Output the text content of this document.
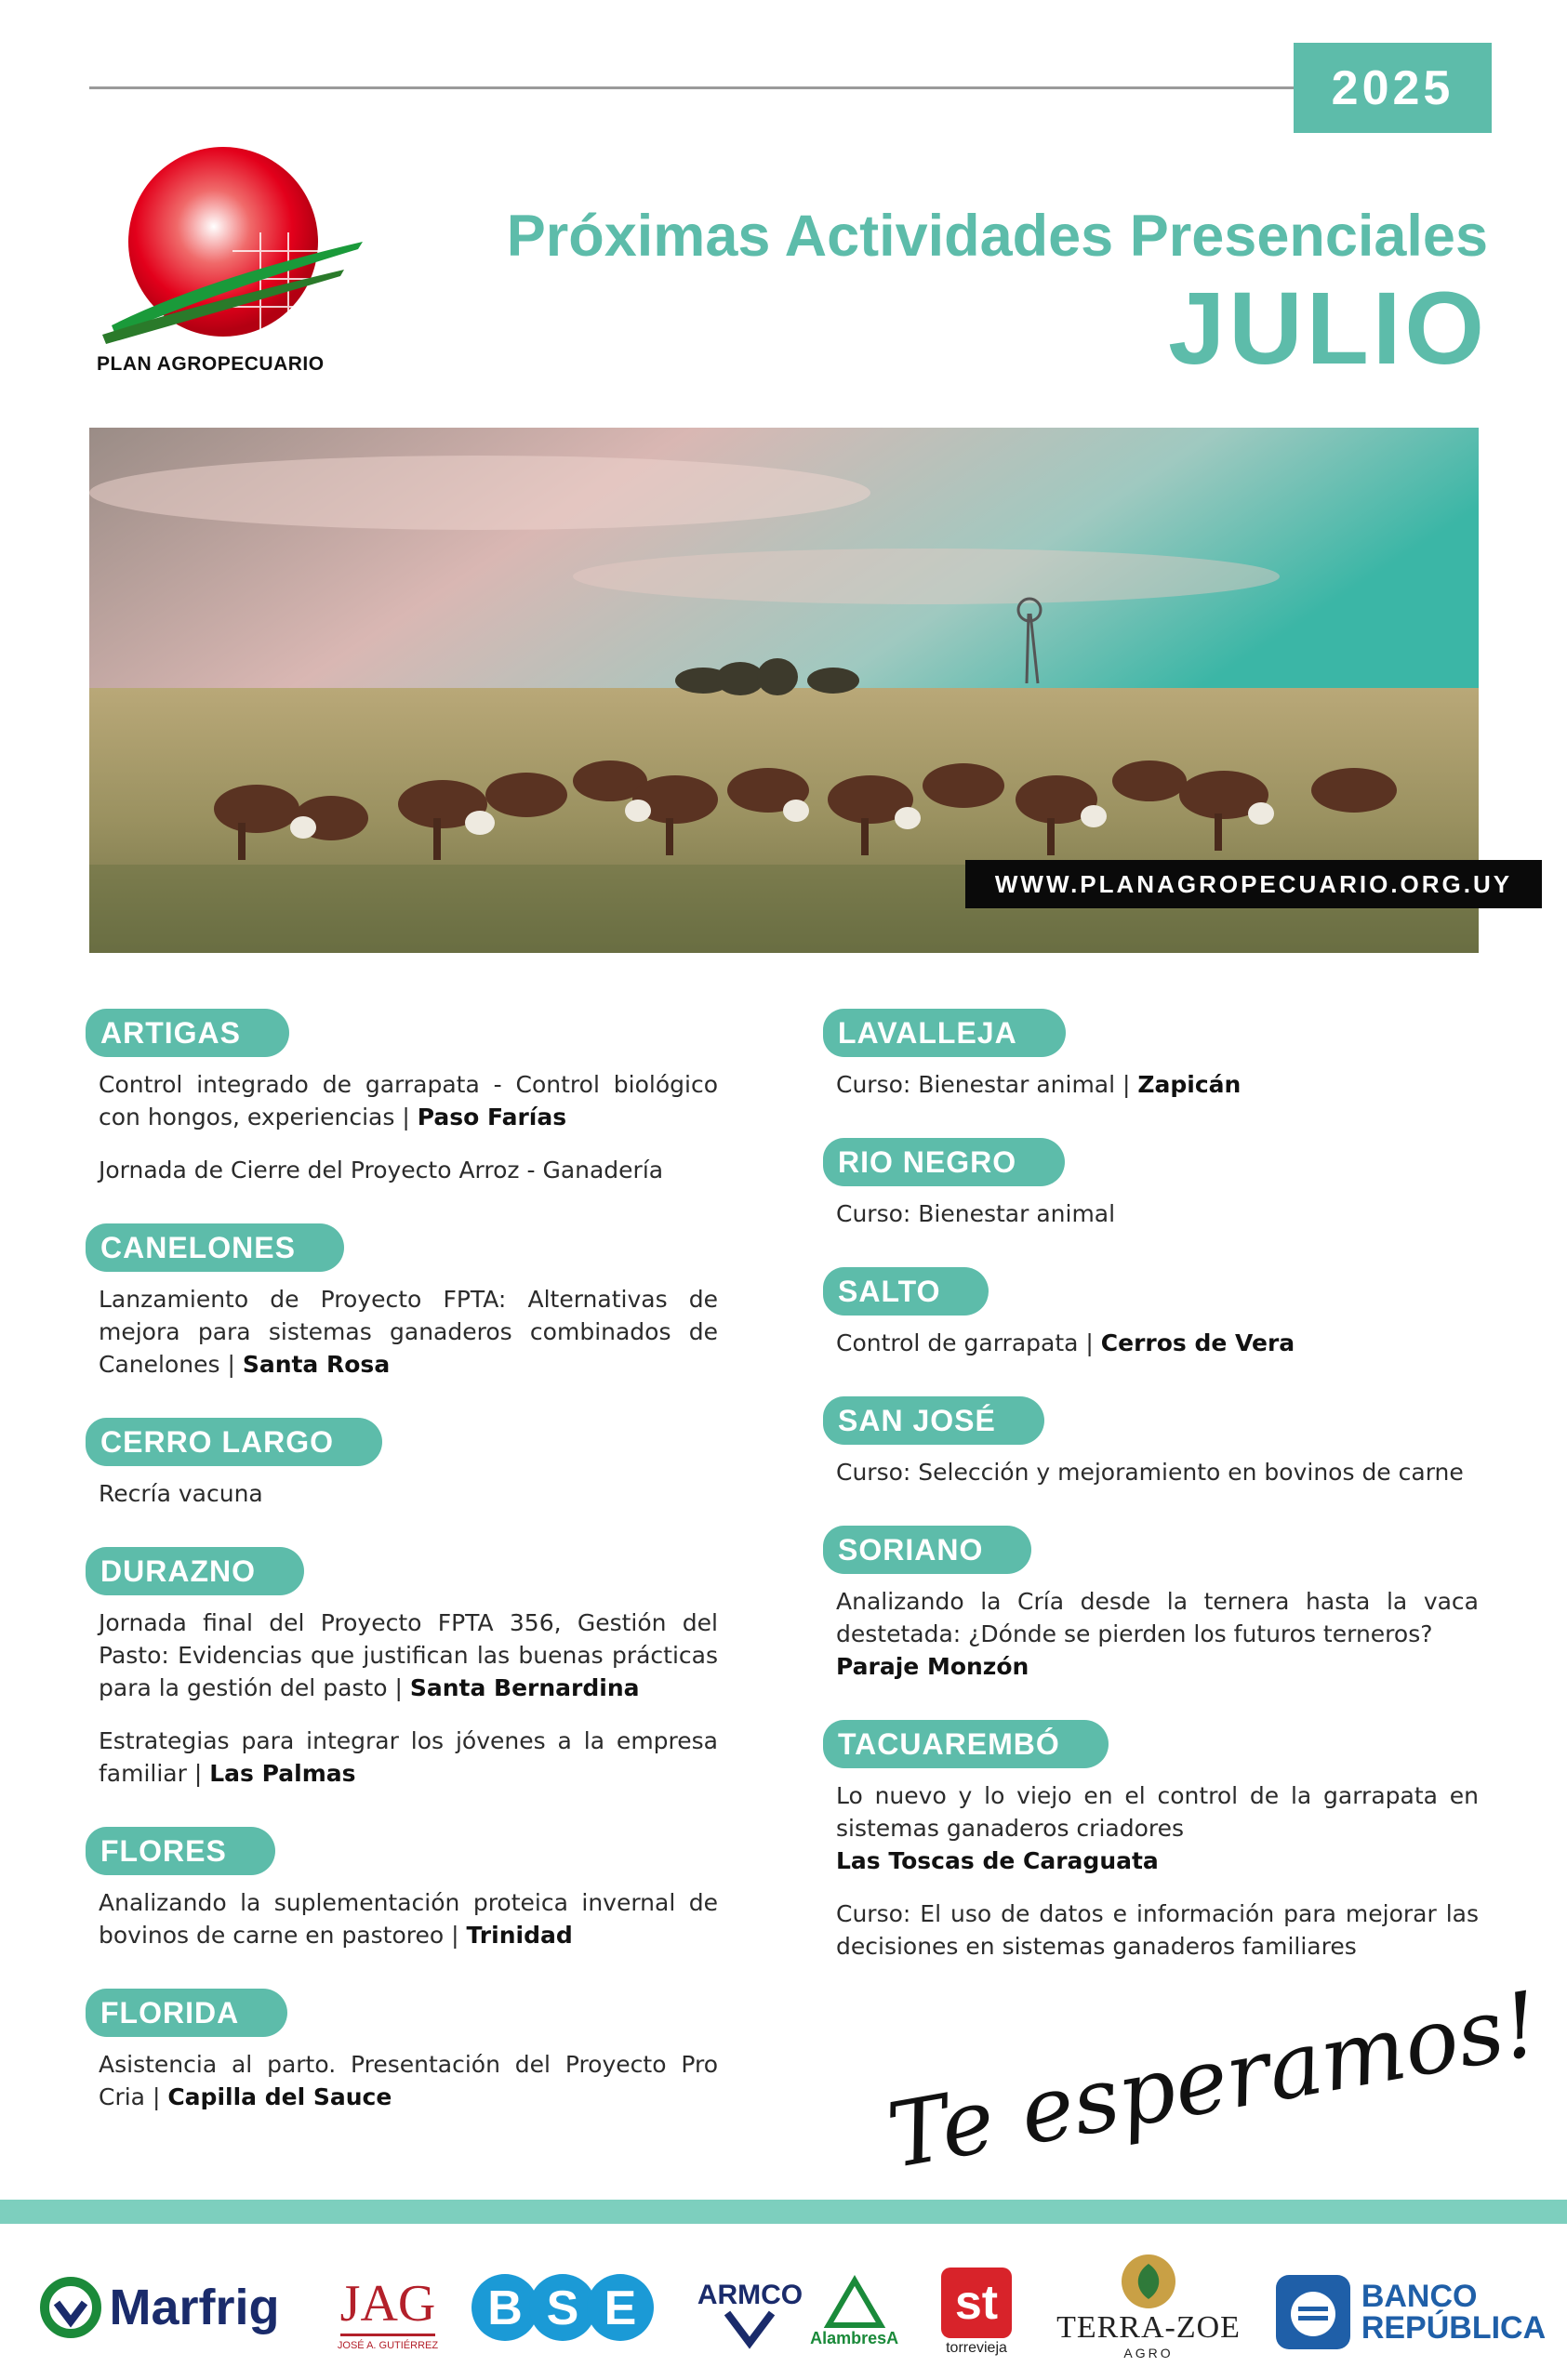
2025
PLAN AGROPECUARIO
Próximas Actividades Presenciales
JULIO
WWW.PLANAGROPECUARIO.ORG.UY
ARTIGAS
Control integrado de garrapata - Control biológico con hongos, experiencias | Paso Farías
Jornada de Cierre del Proyecto Arroz - Ganadería
CANELONES
Lanzamiento de Proyecto FPTA: Alternativas de mejora para sistemas ganaderos combinados de Canelones | Santa Rosa
CERRO LARGO
Recría vacuna
DURAZNO
Jornada final del Proyecto FPTA 356, Gestión del Pasto: Evidencias que justifican las buenas prácticas para la gestión del pasto | Santa Bernardina
Estrategias para integrar los jóvenes a la empresa familiar | Las Palmas
FLORES
Analizando la suplementación proteica invernal de bovinos de carne en pastoreo | Trinidad
FLORIDA
Asistencia al parto. Presentación del Proyecto Pro Cria | Capilla del Sauce
LAVALLEJA
Curso: Bienestar animal | Zapicán
RIO NEGRO
Curso: Bienestar animal
SALTO
Control de garrapata | Cerros de Vera
SAN JOSÉ
Curso: Selección y mejoramiento en bovinos de carne
SORIANO
Analizando la Cría desde la ternera hasta la vaca destetada: ¿Dónde se pierden los futuros terneros?
Paraje Monzón
TACUAREMBÓ
Lo nuevo y lo viejo en el control de la garrapata en sistemas ganaderos criadores
Las Toscas de Caraguata
Curso: El uso de datos e información para mejorar las decisiones en sistemas ganaderos familiares
Te esperamos!
Marfrig JAG
JOSÉ A. GUTIÉRREZ
B S E ARMCO
AlambresA
st
torrevieja
TERRA-ZOE
AGRO
BANCO
REPÚBLICA
